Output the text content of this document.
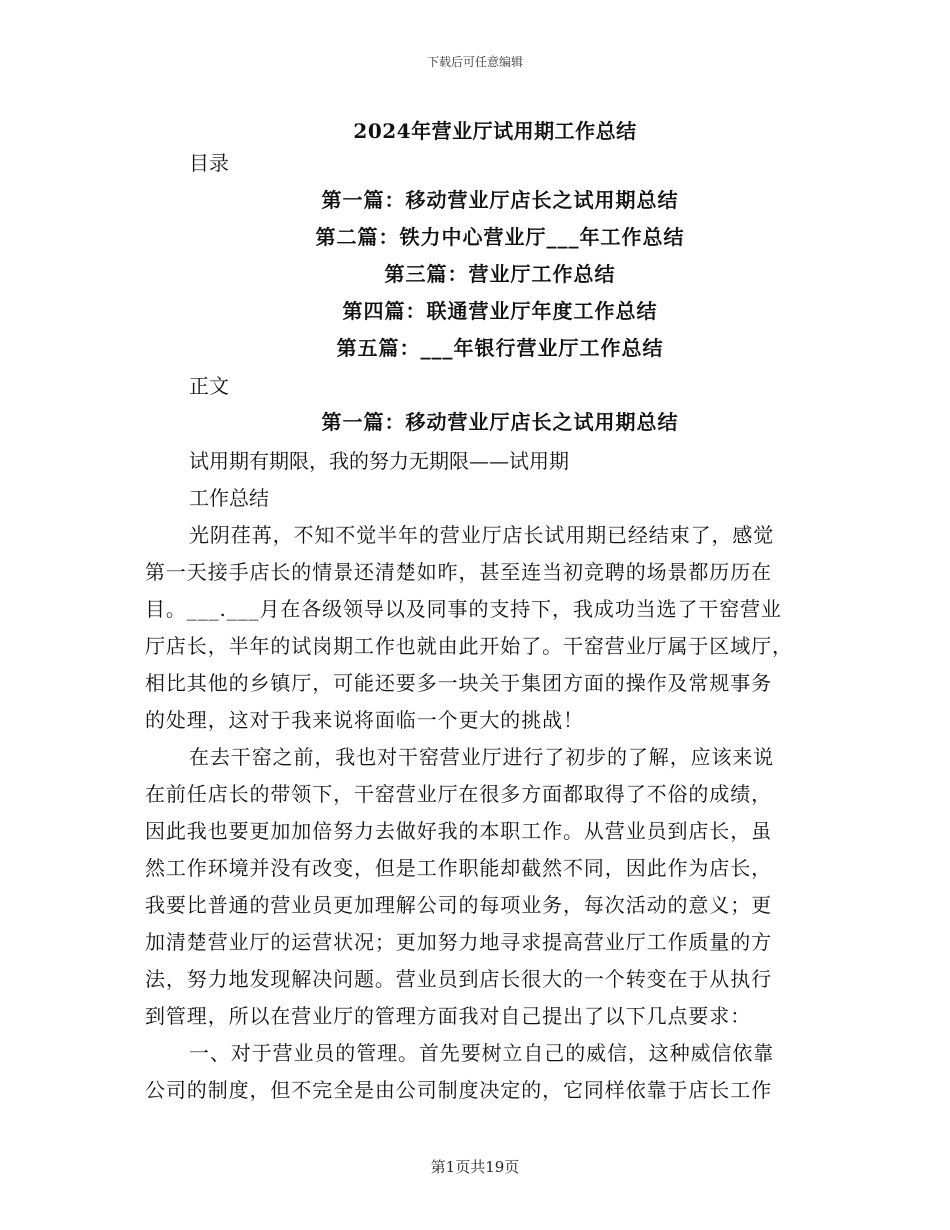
下载后可任意编辑
2024年营业厅试用期工作总结
目录
第一篇：移动营业厅店长之试用期总结
第二篇：铁力中心营业厅___年工作总结
第三篇：营业厅工作总结
第四篇：联通营业厅年度工作总结
第五篇：___年银行营业厅工作总结
正文
第一篇：移动营业厅店长之试用期总结
试用期有期限，我的努力无期限——试用期
工作总结
光阴荏苒，不知不觉半年的营业厅店长试用期已经结束了，感觉
第一天接手店长的情景还清楚如昨，甚至连当初竞聘的场景都历历在
目。___.___月在各级领导以及同事的支持下，我成功当选了干窑营业
厅店长，半年的试岗期工作也就由此开始了。干窑营业厅属于区域厅，
相比其他的乡镇厅，可能还要多一块关于集团方面的操作及常规事务
的处理，这对于我来说将面临一个更大的挑战！
在去干窑之前，我也对干窑营业厅进行了初步的了解，应该来说
在前任店长的带领下，干窑营业厅在很多方面都取得了不俗的成绩，
因此我也要更加加倍努力去做好我的本职工作。从营业员到店长，虽
然工作环境并没有改变，但是工作职能却截然不同，因此作为店长，
我要比普通的营业员更加理解公司的每项业务，每次活动的意义；更
加清楚营业厅的运营状况；更加努力地寻求提高营业厅工作质量的方
法，努力地发现解决问题。营业员到店长很大的一个转变在于从执行
到管理，所以在营业厅的管理方面我对自己提出了以下几点要求：
一、对于营业员的管理。首先要树立自己的威信，这种威信依靠
公司的制度，但不完全是由公司制度决定的，它同样依靠于店长工作
第1页共19页
